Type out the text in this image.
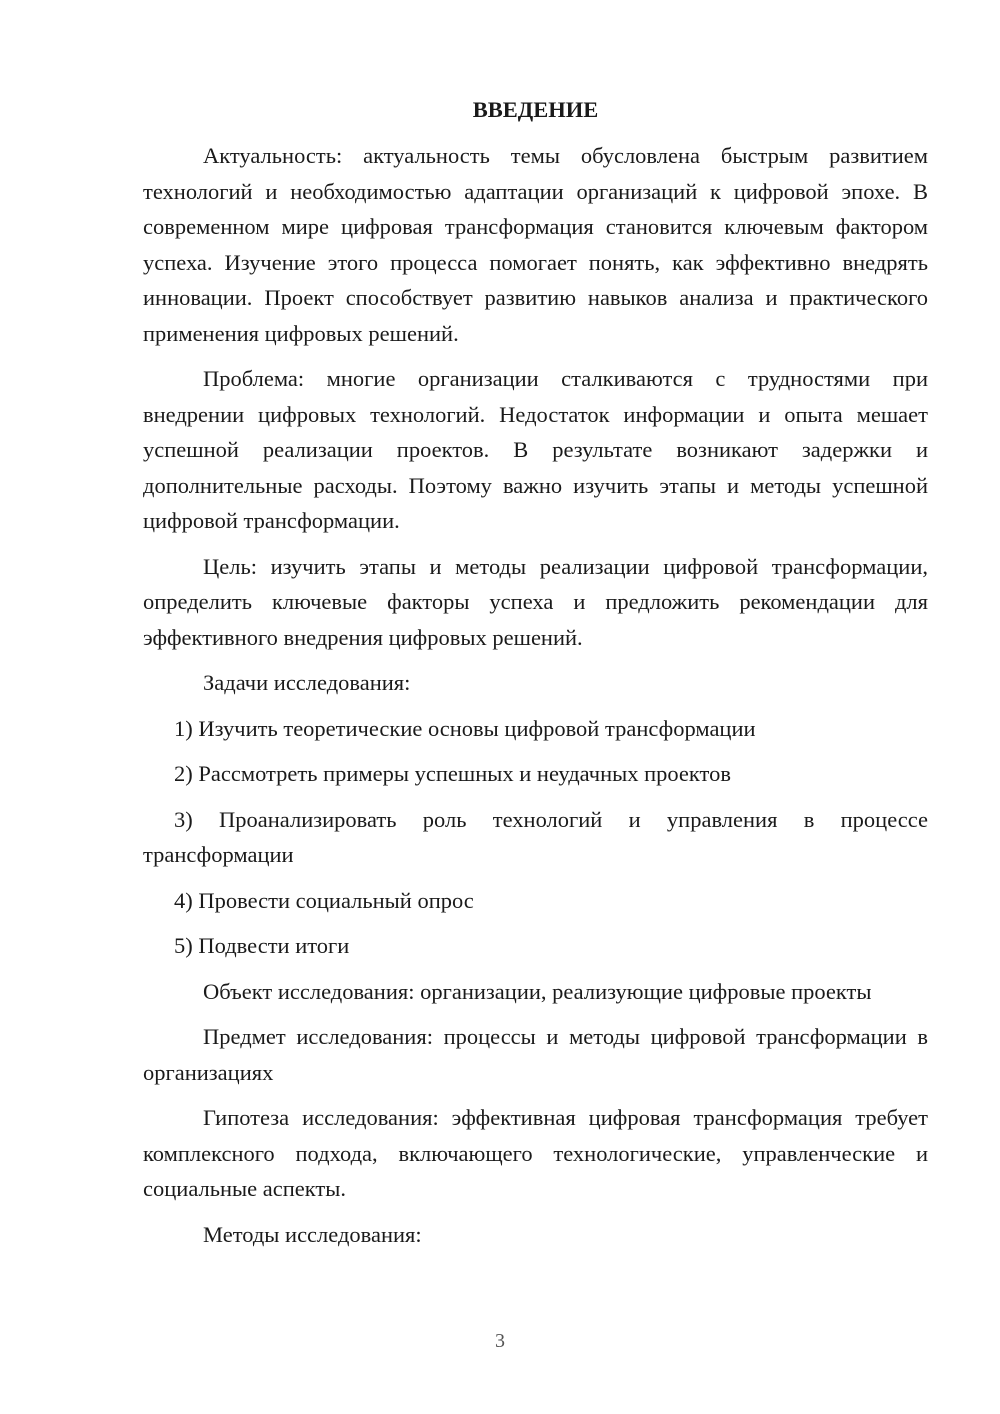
ВВЕДЕНИЕ

Актуальность: актуальность темы обусловлена быстрым развитием технологий и необходимостью адаптации организаций к цифровой эпохе. В современном мире цифровая трансформация становится ключевым фактором успеха. Изучение этого процесса помогает понять, как эффективно внедрять инновации. Проект способствует развитию навыков анализа и практического применения цифровых решений.

Проблема: многие организации сталкиваются с трудностями при внедрении цифровых технологий. Недостаток информации и опыта мешает успешной реализации проектов. В результате возникают задержки и дополнительные расходы. Поэтому важно изучить этапы и методы успешной цифровой трансформации.

Цель: изучить этапы и методы реализации цифровой трансформации, определить ключевые факторы успеха и предложить рекомендации для эффективного внедрения цифровых решений.

Задачи исследования:

1) Изучить теоретические основы цифровой трансформации

2) Рассмотреть примеры успешных и неудачных проектов

3) Проанализировать роль технологий и управления в процессе трансформации

4) Провести социальный опрос

5) Подвести итоги

Объект исследования: организации, реализующие цифровые проекты

Предмет исследования: процессы и методы цифровой трансформации в организациях

Гипотеза исследования: эффективная цифровая трансформация требует комплексного подхода, включающего технологические, управленческие и социальные аспекты.

Методы исследования:

3
